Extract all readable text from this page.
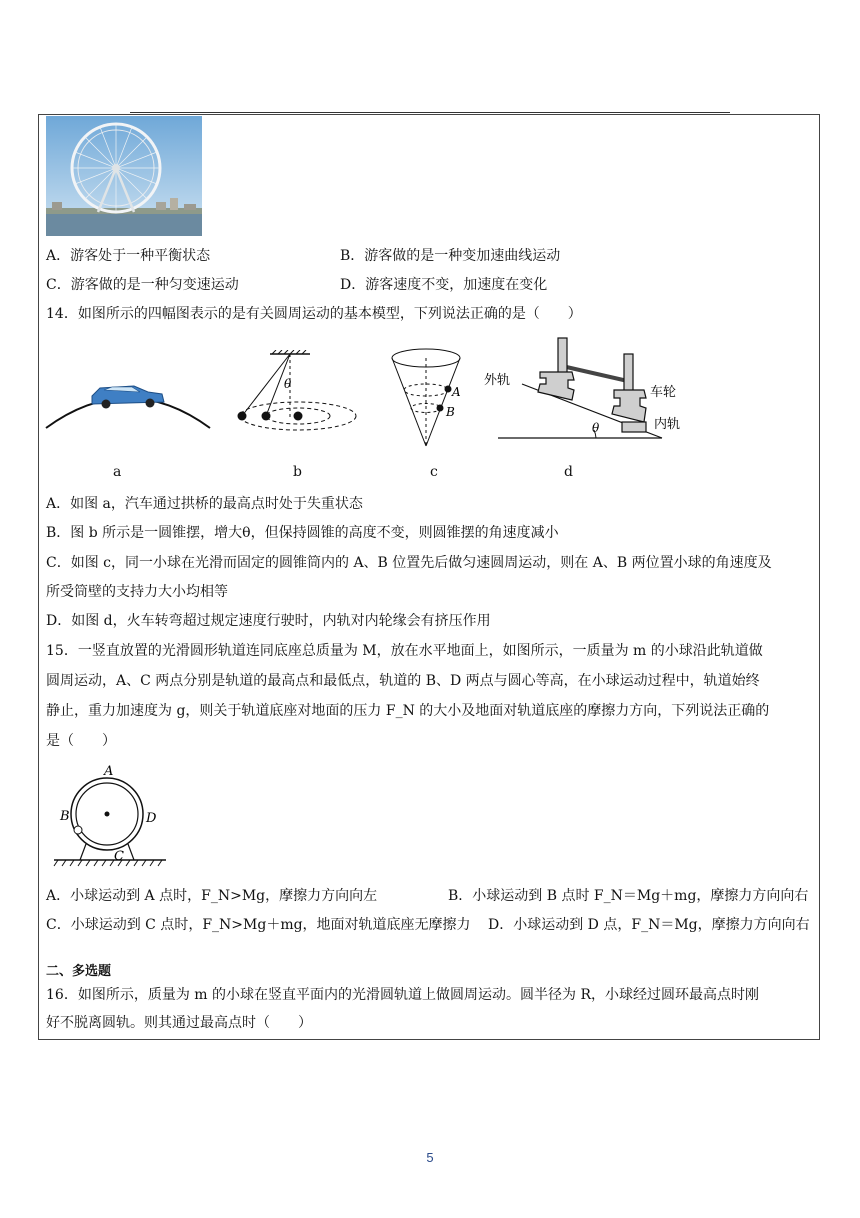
A．游客处于一种平衡状态	B．游客做的是一种变加速曲线运动
C．游客做的是一种匀变速运动	D．游客速度不变，加速度在变化
14．如图所示的四幅图表示的是有关圆周运动的基本模型，下列说法正确的是（　　）
a
θ
b
A
B
c
θ
外轨
车轮
内轨
d
A．如图 a，汽车通过拱桥的最高点时处于失重状态
B．图 b 所示是一圆锥摆，增大θ，但保持圆锥的高度不变，则圆锥摆的角速度减小
C．如图 c，同一小球在光滑而固定的圆锥筒内的 A、B 位置先后做匀速圆周运动，则在 A、B 两位置小球的角速度及
所受筒壁的支持力大小均相等
D．如图 d，火车转弯超过规定速度行驶时，内轨对内轮缘会有挤压作用
15．一竖直放置的光滑圆形轨道连同底座总质量为 M，放在水平地面上，如图所示，一质量为 m 的小球沿此轨道做
圆周运动，A、C 两点分别是轨道的最高点和最低点，轨道的 B、D 两点与圆心等高，在小球运动过程中，轨道始终
静止，重力加速度为 g，则关于轨道底座对地面的压力 F_N 的大小及地面对轨道底座的摩擦力方向，下列说法正确的
是（　　）
A
B
C
D
A．小球运动到 A 点时，F_N>Mg，摩擦力方向向左	B．小球运动到 B 点时 F_N＝Mg＋mg，摩擦力方向向右
C．小球运动到 C 点时，F_N>Mg＋mg，地面对轨道底座无摩擦力 D．小球运动到 D 点，F_N＝Mg，摩擦力方向向右
二、多选题
16．如图所示，质量为 m 的小球在竖直平面内的光滑圆轨道上做圆周运动。圆半径为 R，小球经过圆环最高点时刚
好不脱离圆轨。则其通过最高点时（　　）
5
